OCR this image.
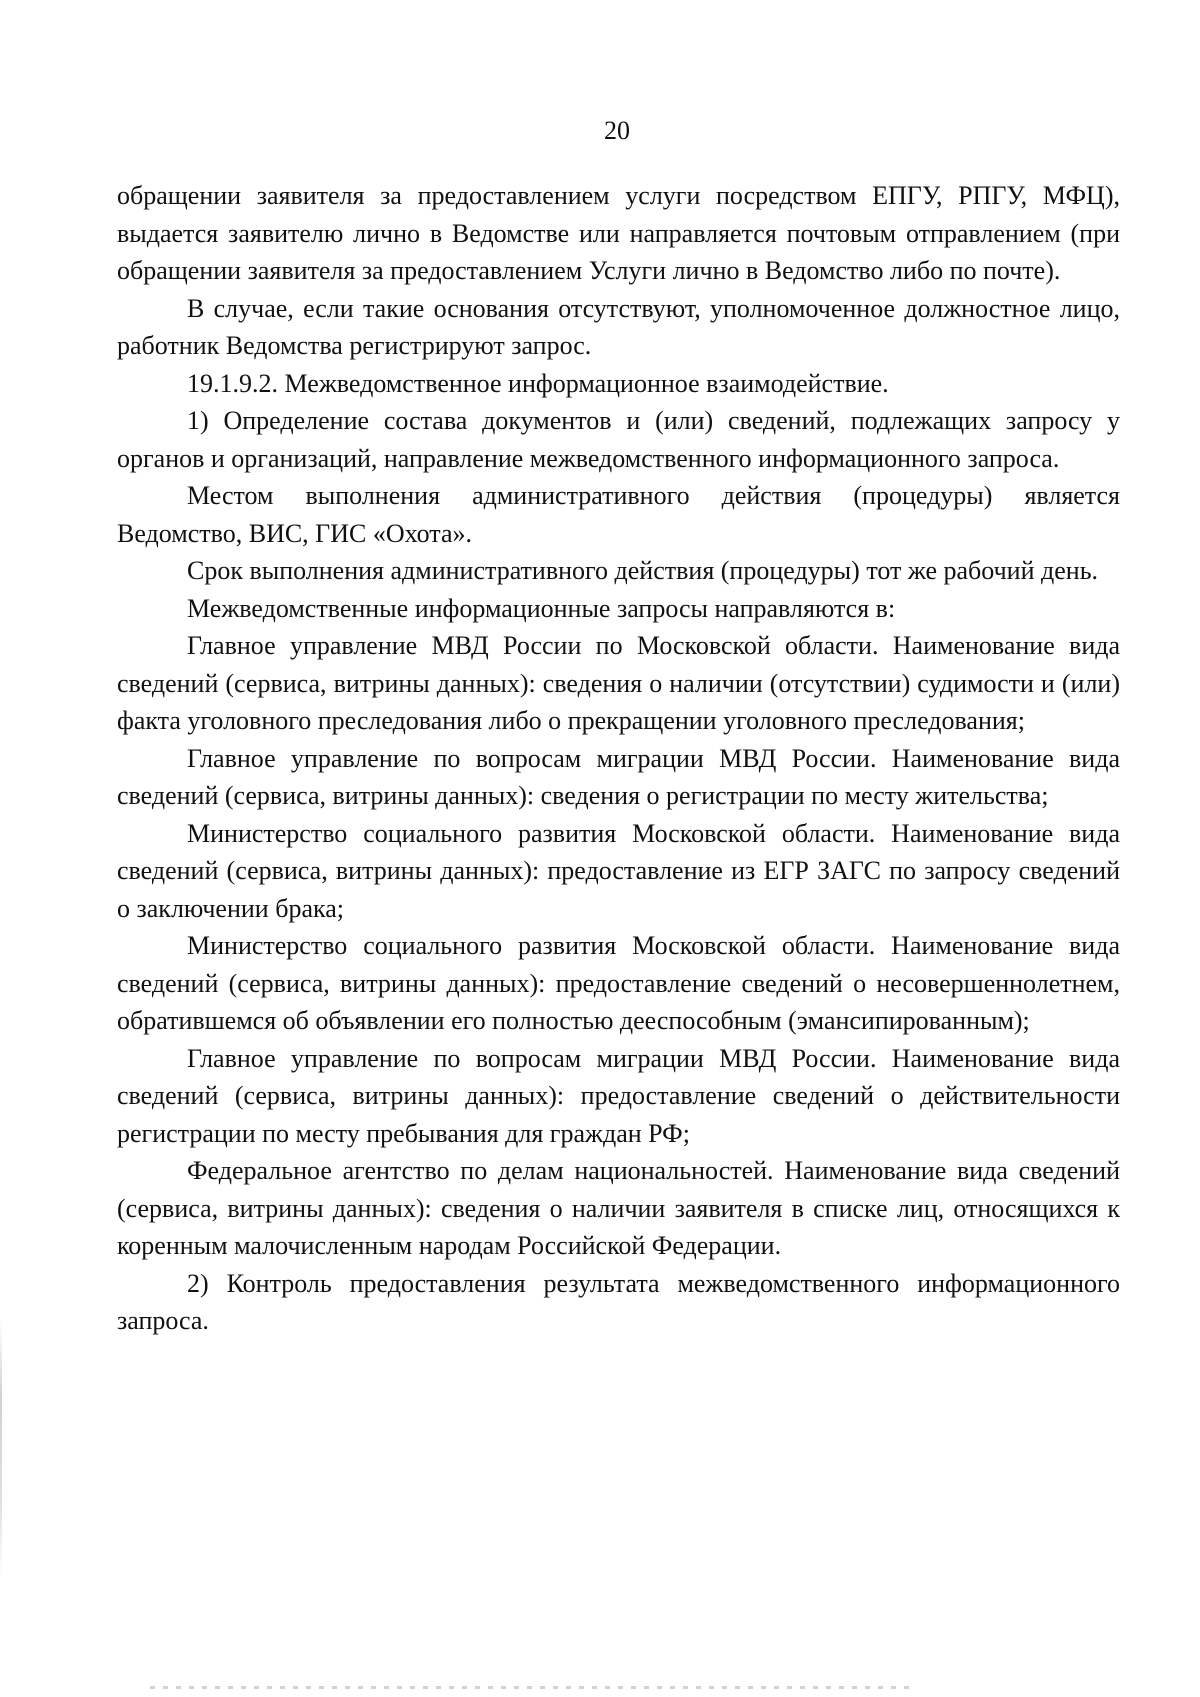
20

обращении заявителя за предоставлением услуги посредством ЕПГУ, РПГУ, МФЦ), выдается заявителю лично в Ведомстве или направляется почтовым отправлением (при обращении заявителя за предоставлением Услуги лично в Ведомство либо по почте).

В случае, если такие основания отсутствуют, уполномоченное должностное лицо, работник Ведомства регистрируют запрос.

19.1.9.2. Межведомственное информационное взаимодействие.

1) Определение состава документов и (или) сведений, подлежащих запросу у органов и организаций, направление межведомственного информационного запроса.

Местом выполнения административного действия (процедуры) является Ведомство, ВИС, ГИС «Охота».

Срок выполнения административного действия (процедуры) тот же рабочий день.

Межведомственные информационные запросы направляются в:

Главное управление МВД России по Московской области. Наименование вида сведений (сервиса, витрины данных): сведения о наличии (отсутствии) судимости и (или) факта уголовного преследования либо о прекращении уголовного преследования;

Главное управление по вопросам миграции МВД России. Наименование вида сведений (сервиса, витрины данных): сведения о регистрации по месту жительства;

Министерство социального развития Московской области. Наименование вида сведений (сервиса, витрины данных): предоставление из ЕГР ЗАГС по запросу сведений о заключении брака;

Министерство социального развития Московской области. Наименование вида сведений (сервиса, витрины данных): предоставление сведений о несовершеннолетнем, обратившемся об объявлении его полностью дееспособным (эмансипированным);

Главное управление по вопросам миграции МВД России. Наименование вида сведений (сервиса, витрины данных): предоставление сведений о действительности регистрации по месту пребывания для граждан РФ;

Федеральное агентство по делам национальностей. Наименование вида сведений (сервиса, витрины данных): сведения о наличии заявителя в списке лиц, относящихся к коренным малочисленным народам Российской Федерации.

2) Контроль предоставления результата межведомственного информационного запроса.
